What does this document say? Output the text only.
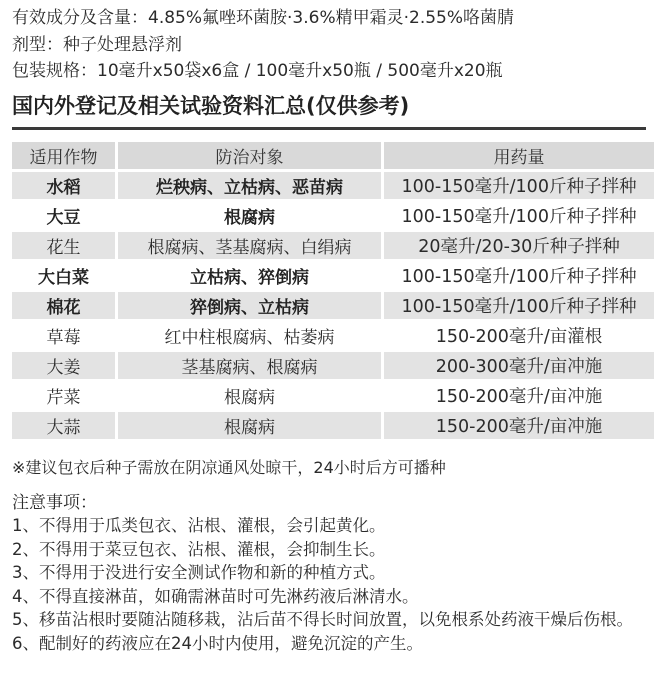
有效成分及含量：4.85%氟唑环菌胺·3.6%精甲霜灵·2.55%咯菌腈
剂型：种子处理悬浮剂
包装规格：10毫升x50袋x6盒 / 100毫升x50瓶 / 500毫升x20瓶
国内外登记及相关试验资料汇总(仅供参考)
适用作物	防治对象	用药量
水稻	烂秧病、立枯病、恶苗病	100-150毫升/100斤种子拌种
大豆	根腐病	100-150毫升/100斤种子拌种
花生	根腐病、茎基腐病、白绢病	20毫升/20-30斤种子拌种
大白菜	立枯病、猝倒病	100-150毫升/100斤种子拌种
棉花	猝倒病、立枯病	100-150毫升/100斤种子拌种
草莓	红中柱根腐病、枯萎病	150-200毫升/亩灌根
大姜	茎基腐病、根腐病	200-300毫升/亩冲施
芹菜	根腐病	150-200毫升/亩冲施
大蒜	根腐病	150-200毫升/亩冲施
※建议包衣后种子需放在阴凉通风处晾干，24小时后方可播种
注意事项：
1、不得用于瓜类包衣、沾根、灌根，会引起黄化。
2、不得用于菜豆包衣、沾根、灌根，会抑制生长。
3、不得用于没进行安全测试作物和新的种植方式。
4、不得直接淋苗，如确需淋苗时可先淋药液后淋清水。
5、移苗沾根时要随沾随移栽，沾后苗不得长时间放置，以免根系处药液干燥后伤根。
6、配制好的药液应在24小时内使用，避免沉淀的产生。
